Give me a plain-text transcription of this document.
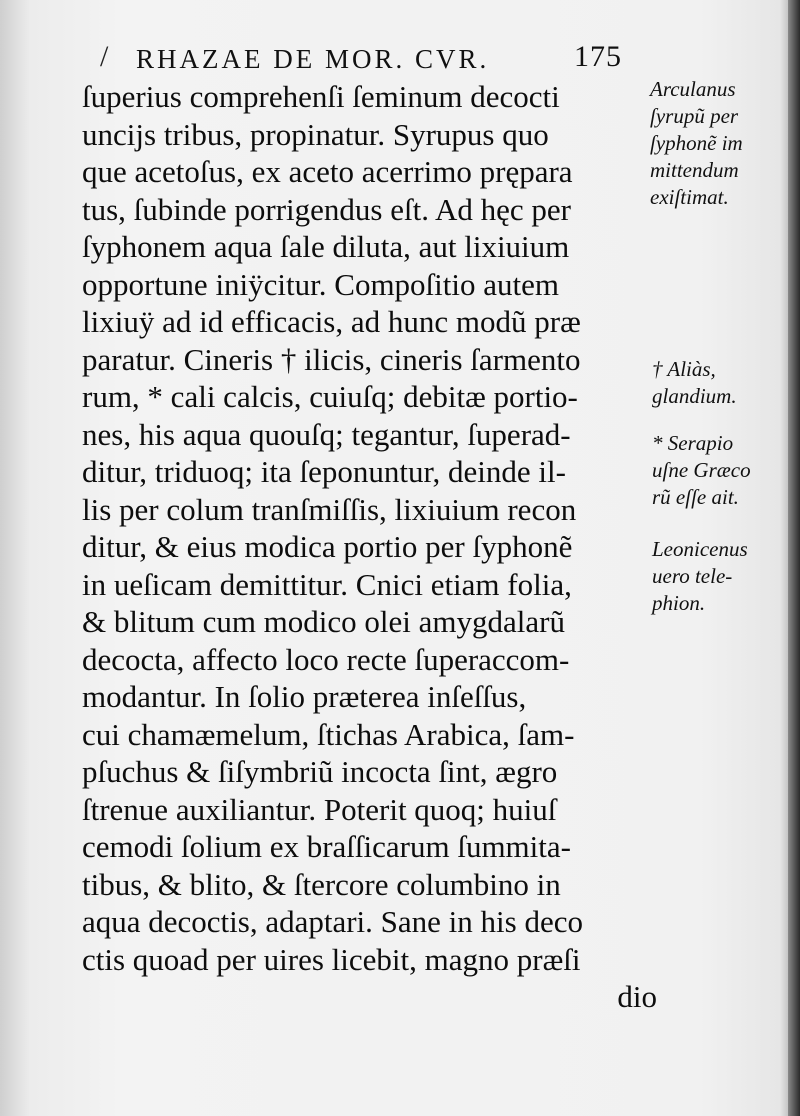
/ RHAZAE DE MOR. CVR.	175
ſuperius comprehenſi ſeminum decocti
uncijs tribus, propinatur. Syrupus quo
que acetoſus, ex aceto acerrimo prępara
tus, ſubinde porrigendus eſt. Ad hęc per
ſyphonem aqua ſale diluta, aut lixiuium
opportune iniÿcitur. Compoſitio autem
lixiuÿ ad id efficacis, ad hunc modũ præ
paratur. Cineris † ilicis, cineris ſarmento
rum, * cali calcis, cuiuſq; debitæ portio-
nes, his aqua quouſq; tegantur, ſuperad-
ditur, triduoq; ita ſeponuntur, deinde il-
lis per colum tranſmiſſis, lixiuium recon
ditur, & eius modica portio per ſyphonẽ
in ueſicam demittitur. Cnici etiam folia,
& blitum cum modico olei amygdalarũ
decocta, affecto loco recte ſuperaccom-
modantur. In ſolio præterea inſeſſus,
cui chamæmelum, ſtichas Arabica, ſam-
pſuchus & ſiſymbriũ incocta ſint, ægro
ſtrenue auxiliantur. Poterit quoq; huiuſ
cemodi ſolium ex braſſicarum ſummita-
tibus, & blito, & ſtercore columbino in
aqua decoctis, adaptari. Sane in his deco
ctis quoad per uires licebit, magno præſi
dio
Arculanus
ſyrupũ per
ſyphonẽ im
mittendum
exiſtimat.
† Aliàs,
glandium.
* Serapio
uſne Græco
rũ eſſe ait.
Leonicenus
uero tele-
phion.
